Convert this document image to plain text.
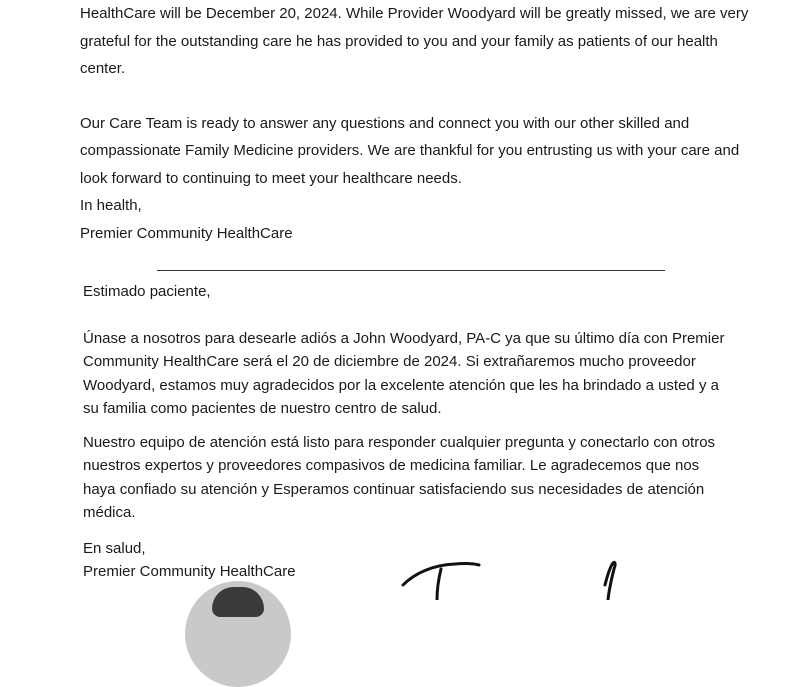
HealthCare will be December 20, 2024. While Provider Woodyard will be greatly missed, we are very

grateful for the outstanding care he has provided to you and your family as patients of our health

center.

Our Care Team is ready to answer any questions and connect you with our other skilled and

compassionate Family Medicine providers. We are thankful for you entrusting us with your care and

look forward to continuing to meet your healthcare needs.

In health,

Premier Community HealthCare

Estimado paciente,

Únase a nosotros para desearle adiós a John Woodyard, PA-C ya que su último día con Premier

Community HealthCare será el 20 de diciembre de 2024. Si extrañaremos mucho proveedor

Woodyard, estamos muy agradecidos por la excelente atención que les ha brindado a usted y a

su familia como pacientes de nuestro centro de salud.

Nuestro equipo de atención está listo para responder cualquier pregunta y conectarlo con otros

nuestros expertos y proveedores compasivos de medicina familiar. Le agradecemos que nos

haya confiado su atención y Esperamos continuar satisfaciendo sus necesidades de atención

médica.

En salud,

Premier Community HealthCare
